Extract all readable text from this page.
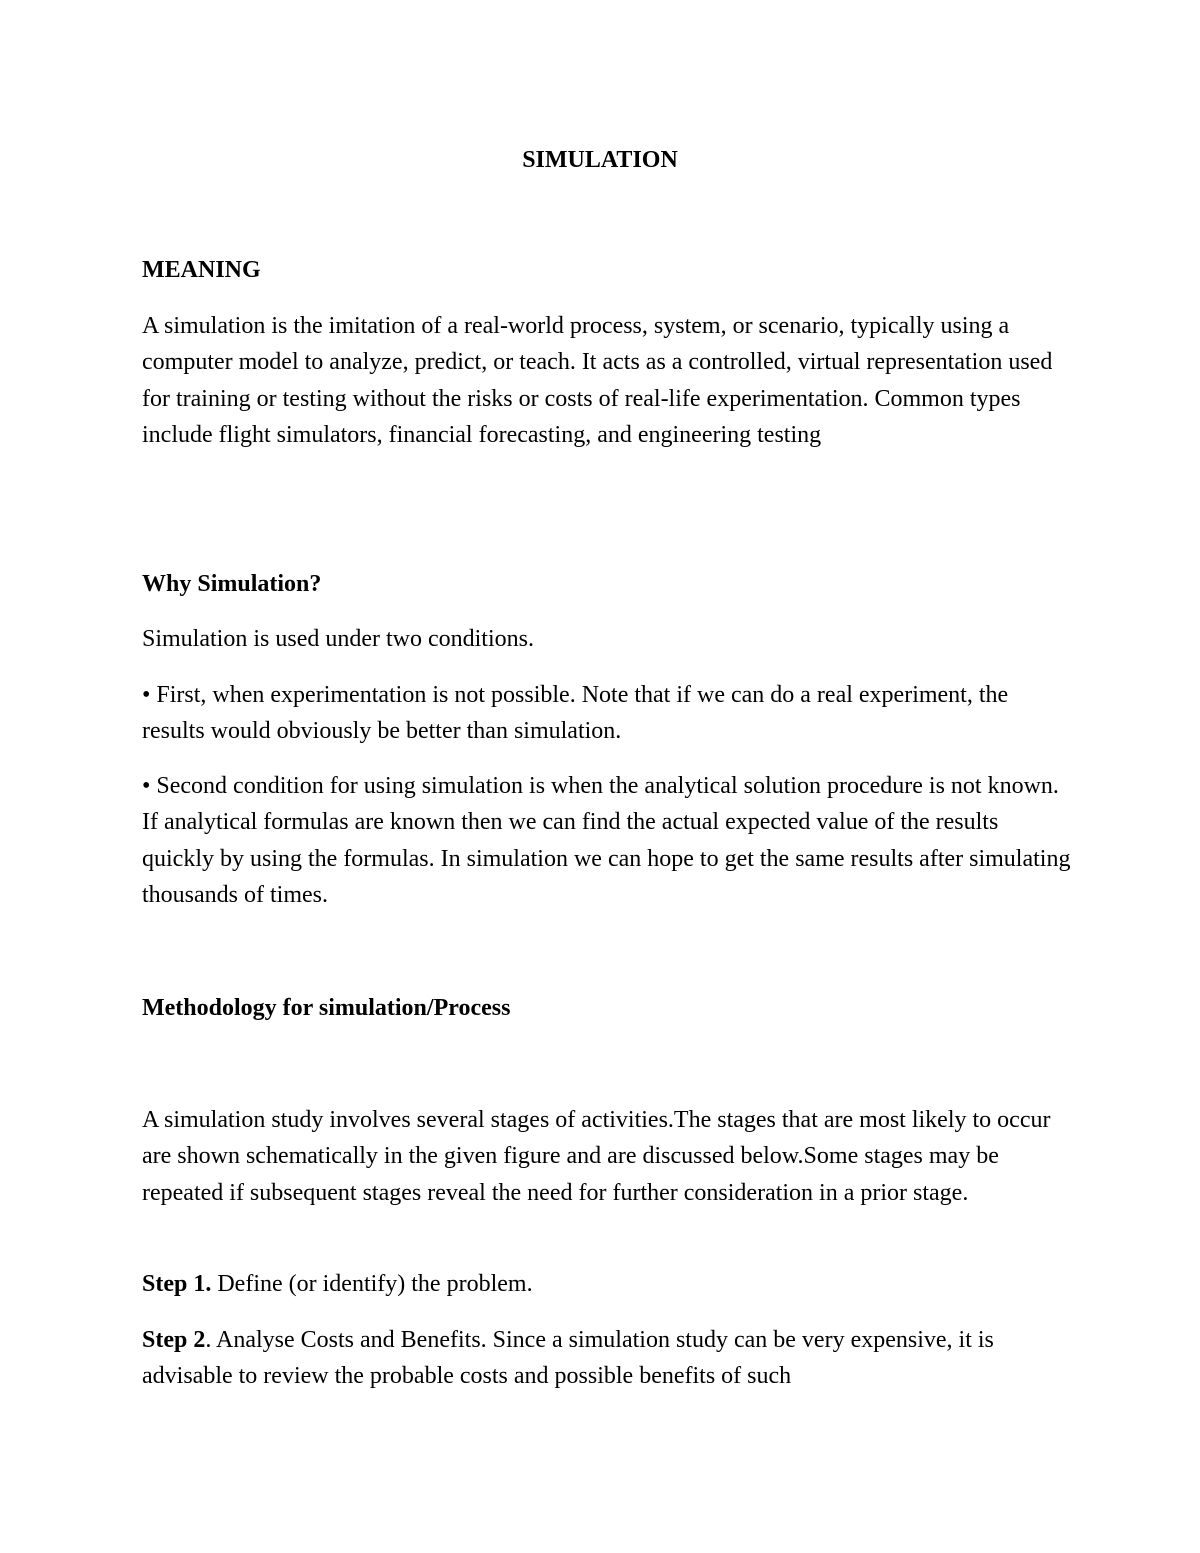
SIMULATION

MEANING

A simulation is the imitation of a real-world process, system, or scenario, typically using a computer model to analyze, predict, or teach. It acts as a controlled, virtual representation used for training or testing without the risks or costs of real-life experimentation. Common types include flight simulators, financial forecasting, and engineering testing

Why Simulation?

Simulation is used under two conditions.

• First, when experimentation is not possible. Note that if we can do a real experiment, the results would obviously be better than simulation.

• Second condition for using simulation is when the analytical solution procedure is not known. If analytical formulas are known then we can find the actual expected value of the results quickly by using the formulas. In simulation we can hope to get the same results after simulating thousands of times.

Methodology for simulation/Process

A simulation study involves several stages of activities.The stages that are most likely to occur are shown schematically in the given figure and are discussed below.Some stages may be repeated if subsequent stages reveal the need for further consideration in a prior stage.

Step 1. Define (or identify) the problem.

Step 2. Analyse Costs and Benefits. Since a simulation study can be very expensive, it is advisable to review the probable costs and possible benefits of such
